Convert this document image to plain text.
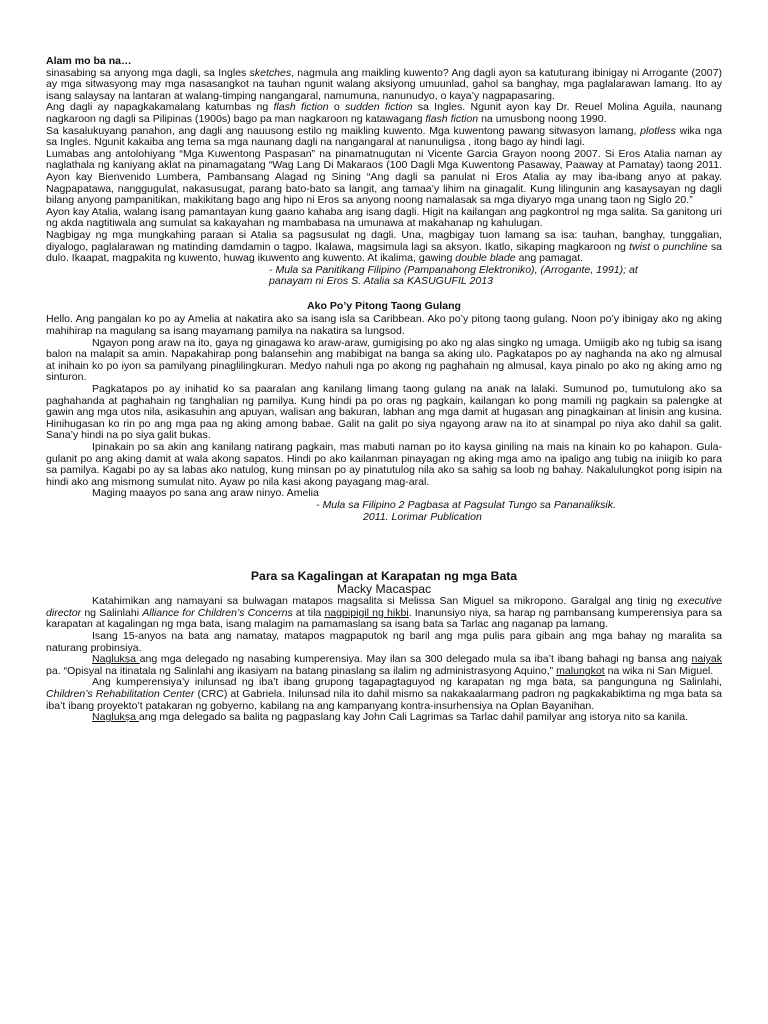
Alam mo ba na…

sinasabing sa anyong mga dagli, sa Ingles sketches, nagmula ang maikling kuwento? Ang dagli ayon sa katuturang ibinigay ni Arrogante (2007) ay mga sitwasyong may mga nasasangkot na tauhan ngunit walang aksiyong umuunlad, gahol sa banghay, mga paglalarawan lamang. Ito ay isang salaysay na lantaran at walang-timping nangangaral, namumuna, nanunudyo, o kaya’y nagpapasaring.

Ang dagli ay napagkakamalang katumbas ng flash fiction o sudden fiction sa Ingles. Ngunit ayon kay Dr. Reuel Molina Aguila, naunang nagkaroon ng dagli sa Pilipinas (1900s) bago pa man nagkaroon ng katawagang flash fiction na umusbong noong 1990.

Sa kasalukuyang panahon, ang dagli ang nauusong estilo ng maikling kuwento. Mga kuwentong pawang sitwasyon lamang, plotless wika nga sa Ingles. Ngunit kakaiba ang tema sa mga naunang dagli na nangangaral at nanunuligsa , itong bago ay hindi lagi.

Lumabas ang antolohiyang “Mga Kuwentong Paspasan” na pinamatnugutan ni Vicente Garcia Grayon noong 2007. Si Eros Atalia naman ay naglathala ng kaniyang aklat na pinamagatang “Wag Lang Di Makaraos (100 Dagli Mga Kuwentong Pasaway, Paaway at Pamatay) taong 2011. Ayon kay Bienvenido Lumbera, Pambansang Alagad ng Sining “Ang dagli sa panulat ni Eros Atalia ay may iba-ibang anyo at pakay. Nagpapatawa, nanggugulat, nakasusugat, parang bato-bato sa langit, ang tamaa’y lihim na ginagalit. Kung lilingunin ang kasaysayan ng dagli bilang anyong pampanitikan, makikitang bago ang hipo ni Eros sa anyong noong namalasak sa mga diyaryo mga unang taon ng Siglo 20.”

Ayon kay Atalia, walang isang pamantayan kung gaano kahaba ang isang dagli. Higit na kailangan ang pagkontrol ng mga salita. Sa ganitong uri ng akda nagtitiwala ang sumulat sa kakayahan ng mambabasa na umunawa at makahanap ng kahulugan.

Nagbigay ng mga mungkahing paraan si Atalia sa pagsusulat ng dagli. Una, magbigay tuon lamang sa isa: tauhan, banghay, tunggalian, diyalogo, paglalarawan ng matinding damdamin o tagpo. Ikalawa, magsimula lagi sa aksyon. Ikatlo, sikaping magkaroon ng twist o punchline sa dulo. Ikaapat, magpakita ng kuwento, huwag ikuwento ang kuwento. At ikalima, gawing double blade ang pamagat.

- Mula sa Panitikang Filipino (Pampanahong Elektroniko), (Arrogante, 1991); at

panayam ni Eros S. Atalia sa KASUGUFIL 2013

Ako Po’y Pitong Taong Gulang

Hello. Ang pangalan ko po ay Amelia at nakatira ako sa isang isla sa Caribbean. Ako po’y pitong taong gulang. Noon po’y ibinigay ako ng aking mahihirap na magulang sa isang mayamang pamilya na nakatira sa lungsod.

Ngayon pong araw na ito, gaya ng ginagawa ko araw-araw, gumigising po ako ng alas singko ng umaga. Umiigib ako ng tubig sa isang balon na malapit sa amin. Napakahirap pong balansehin ang mabibigat na banga sa aking ulo. Pagkatapos po ay naghanda na ako ng almusal at inihain ko po iyon sa pamilyang pinaglilingkuran. Medyo nahuli nga po akong ng paghahain ng almusal, kaya pinalo po ako ng aking amo ng sinturon.

Pagkatapos po ay inihatid ko sa paaralan ang kanilang limang taong gulang na anak na lalaki. Sumunod po, tumutulong ako sa paghahanda at paghahain ng tanghalian ng pamilya. Kung hindi pa po oras ng pagkain, kailangan ko pong mamili ng pagkain sa palengke at gawin ang mga utos nila, asikasuhin ang apuyan, walisan ang bakuran, labhan ang mga damit at hugasan ang pinagkainan at linisin ang kusina. Hinihugasan ko rin po ang mga paa ng aking among babae. Galit na galit po siya ngayong araw na ito at sinampal po niya ako dahil sa galit. Sana’y hindi na po siya galit bukas.

Ipinakain po sa akin ang kanilang natirang pagkain, mas mabuti naman po ito kaysa giniling na mais na kinain ko po kahapon. Gula-gulanit po ang aking damit at wala akong sapatos. Hindi po ako kailanman pinayagan ng aking mga amo na ipaligo ang tubig na iniigib ko para sa pamilya. Kagabi po ay sa labas ako natulog, kung minsan po ay pinatutulog nila ako sa sahig sa loob ng bahay. Nakalulungkot pong isipin na hindi ako ang mismong sumulat nito. Ayaw po nila kasi akong payagang mag-aral.

Maging maayos po sana ang araw ninyo. Amelia

- Mula sa Filipino 2 Pagbasa at Pagsulat Tungo sa Pananaliksik.

2011. Lorimar Publication

Para sa Kagalingan at Karapatan ng mga Bata

Macky Macaspac

Katahimikan ang namayani sa bulwagan matapos magsalita si Melissa San Miguel sa mikropono. Garalgal ang tinig ng executive director ng Salinlahi Alliance for Children’s Concerns at tila nagpipigil ng hikbi. Inanunsiyo niya, sa harap ng pambansang kumperensiya para sa karapatan at kagalingan ng mga bata, isang malagim na pamamaslang sa isang bata sa Tarlac ang naganap pa lamang.

Isang 15-anyos na bata ang namatay, matapos magpaputok ng baril ang mga pulis para gibain ang mga bahay ng maralita sa naturang probinsiya.

Naglukṣa ang mga delegado ng nasabing kumperensiya. May ilan sa 300 delegado mula sa iba’t ibang bahagi ng bansa ang naiyak pa. “Opisyal na itinatala ng Salinlahi ang ikasiyam na batang pinaslang sa ilalim ng administrasyong Aquino,” malungkot na wika ni San Miguel.

Ang kumperensiya’y inilunsad ng iba’t ibang grupong tagapagtaguyod ng karapatan ng mga bata, sa pangunguna ng Salinlahi, Children’s Rehabilitation Center (CRC) at Gabriela. Inilunsad nila ito dahil mismo sa nakakaalarmang padron ng pagkakabiktima ng mga bata sa iba’t ibang proyekto’t patakaran ng gobyerno, kabilang na ang kampanyang kontra-insurhensiya na Oplan Bayanihan.

Naglukṣa ang mga delegado sa balita ng pagpaslang kay John Cali Lagrimas sa Tarlac dahil pamilyar ang istorya nito sa kanila.
